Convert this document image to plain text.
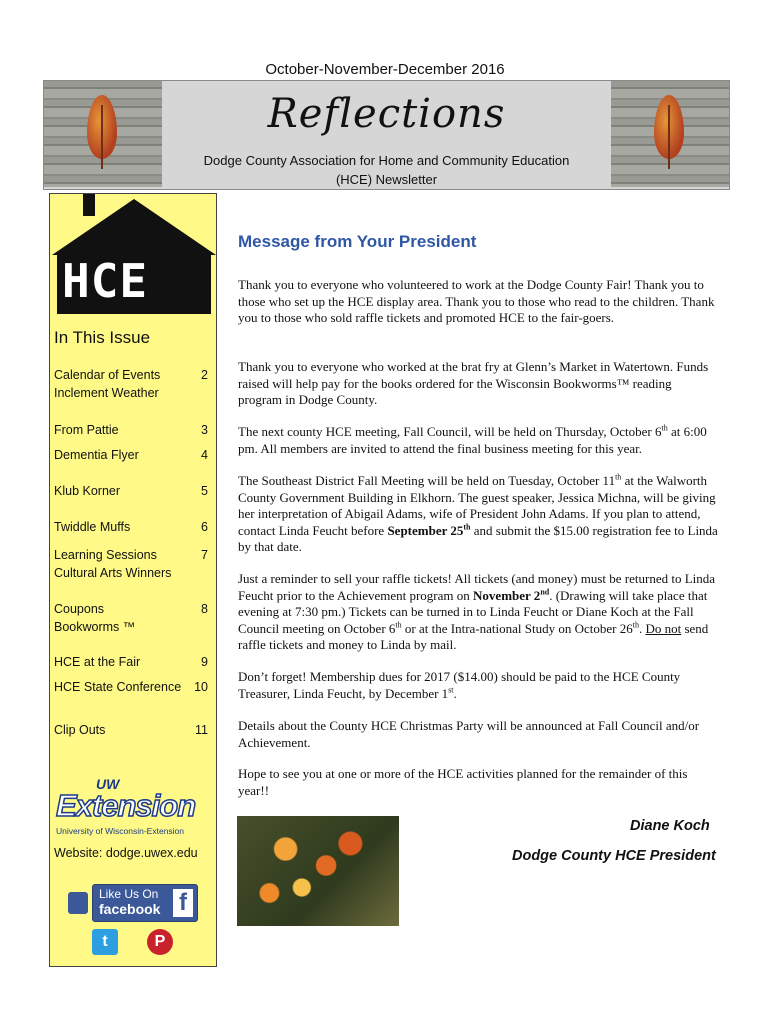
October-November-December 2016
Reflections
Dodge County Association for Home and Community Education
(HCE) Newsletter
HCE
In This Issue
Calendar of Events	2
Inclement Weather
From Pattie	3
Dementia Flyer	4
Klub Korner	5
Twiddle Muffs	6
Learning Sessions	7
Cultural Arts Winners
Coupons	8
Bookworms ™
HCE at the Fair	9
HCE State Conference 10
Clip Outs	11
UW
Extension
University of Wisconsin-Extension
Website: dodge.uwex.edu
Like Us On
facebook f
t	P
Message from Your President

Thank you to everyone who volunteered to work at the Dodge County Fair! Thank you to those who set up the HCE display area. Thank you to those who read to the children. Thank you to those who sold raffle tickets and promoted HCE to the fair-goers.

Thank you to everyone who worked at the brat fry at Glenn’s Market in Watertown. Funds raised will help pay for the books ordered for the Wisconsin Bookworms™ reading program in Dodge County.

The next county HCE meeting, Fall Council, will be held on Thursday, October 6th at 6:00 pm. All members are invited to attend the final business meeting for this year.

The Southeast District Fall Meeting will be held on Tuesday, October 11th at the Walworth County Government Building in Elkhorn. The guest speaker, Jessica Michna, will be giving her interpretation of Abigail Adams, wife of President John Adams. If you plan to attend, contact Linda Feucht before September 25th and submit the $15.00 registration fee to Linda by that date.

Just a reminder to sell your raffle tickets! All tickets (and money) must be returned to Linda Feucht prior to the Achievement program on November 2nd. (Drawing will take place that evening at 7:30 pm.) Tickets can be turned in to Linda Feucht or Diane Koch at the Fall Council meeting on October 6th or at the Intra-national Study on October 26th. Do not send raffle tickets and money to Linda by mail.

Don’t forget! Membership dues for 2017 ($14.00) should be paid to the HCE County Treasurer, Linda Feucht, by December 1st.

Details about the County HCE Christmas Party will be announced at Fall Council and/or Achievement.

Hope to see you at one or more of the HCE activities planned for the remainder of this year!!

Diane Koch
Dodge County HCE President
